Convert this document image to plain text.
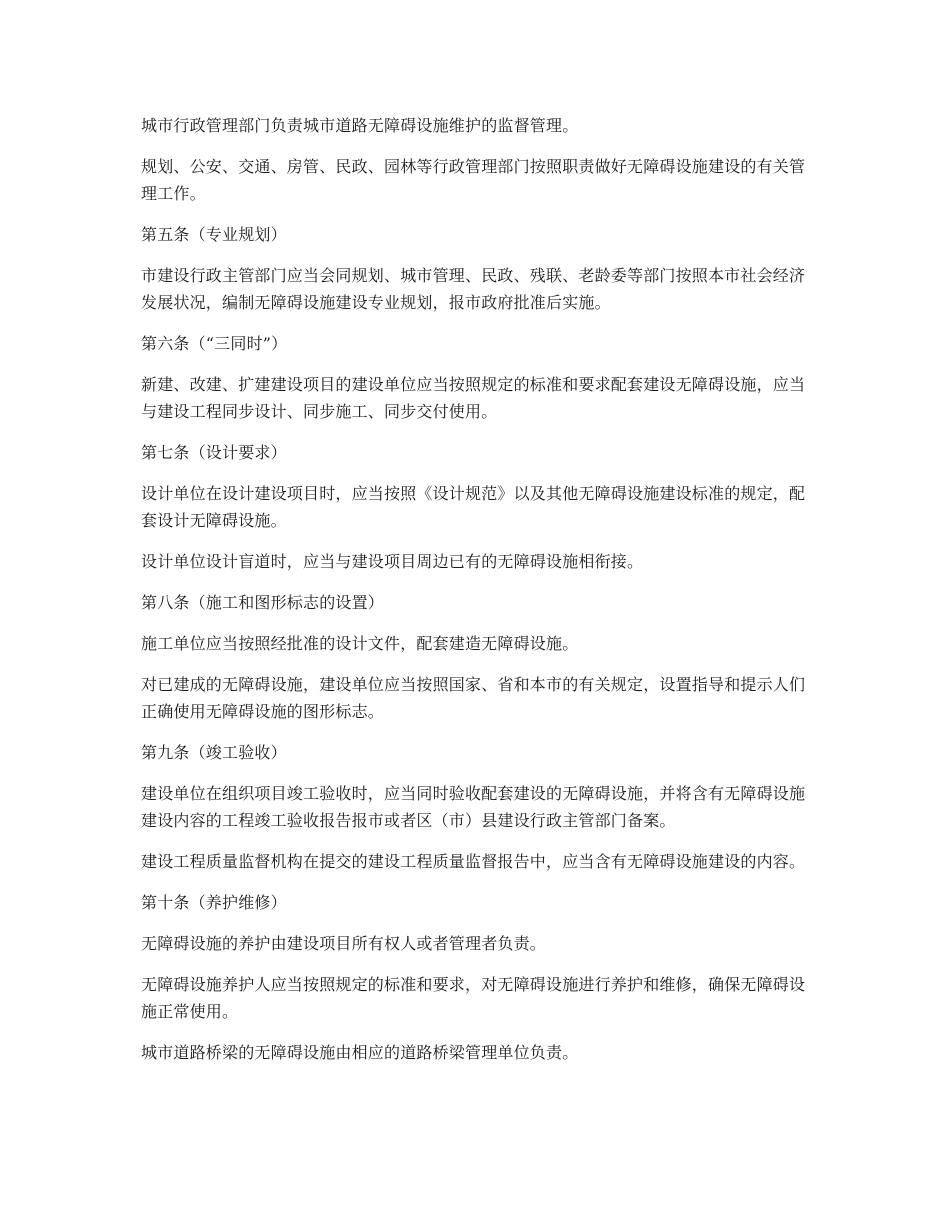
城市行政管理部门负责城市道路无障碍设施维护的监督管理。

规划、公安、交通、房管、民政、园林等行政管理部门按照职责做好无障碍设施建设的有关管理工作。

第五条（专业规划）

市建设行政主管部门应当会同规划、城市管理、民政、残联、老龄委等部门按照本市社会经济发展状况，编制无障碍设施建设专业规划，报市政府批准后实施。

第六条（“三同时”）

新建、改建、扩建建设项目的建设单位应当按照规定的标准和要求配套建设无障碍设施，应当与建设工程同步设计、同步施工、同步交付使用。

第七条（设计要求）

设计单位在设计建设项目时，应当按照《设计规范》以及其他无障碍设施建设标准的规定，配套设计无障碍设施。

设计单位设计盲道时，应当与建设项目周边已有的无障碍设施相衔接。

第八条（施工和图形标志的设置）

施工单位应当按照经批准的设计文件，配套建造无障碍设施。

对已建成的无障碍设施，建设单位应当按照国家、省和本市的有关规定，设置指导和提示人们正确使用无障碍设施的图形标志。

第九条（竣工验收）

建设单位在组织项目竣工验收时，应当同时验收配套建设的无障碍设施，并将含有无障碍设施建设内容的工程竣工验收报告报市或者区（市）县建设行政主管部门备案。

建设工程质量监督机构在提交的建设工程质量监督报告中，应当含有无障碍设施建设的内容。

第十条（养护维修）

无障碍设施的养护由建设项目所有权人或者管理者负责。

无障碍设施养护人应当按照规定的标准和要求，对无障碍设施进行养护和维修，确保无障碍设施正常使用。

城市道路桥梁的无障碍设施由相应的道路桥梁管理单位负责。
